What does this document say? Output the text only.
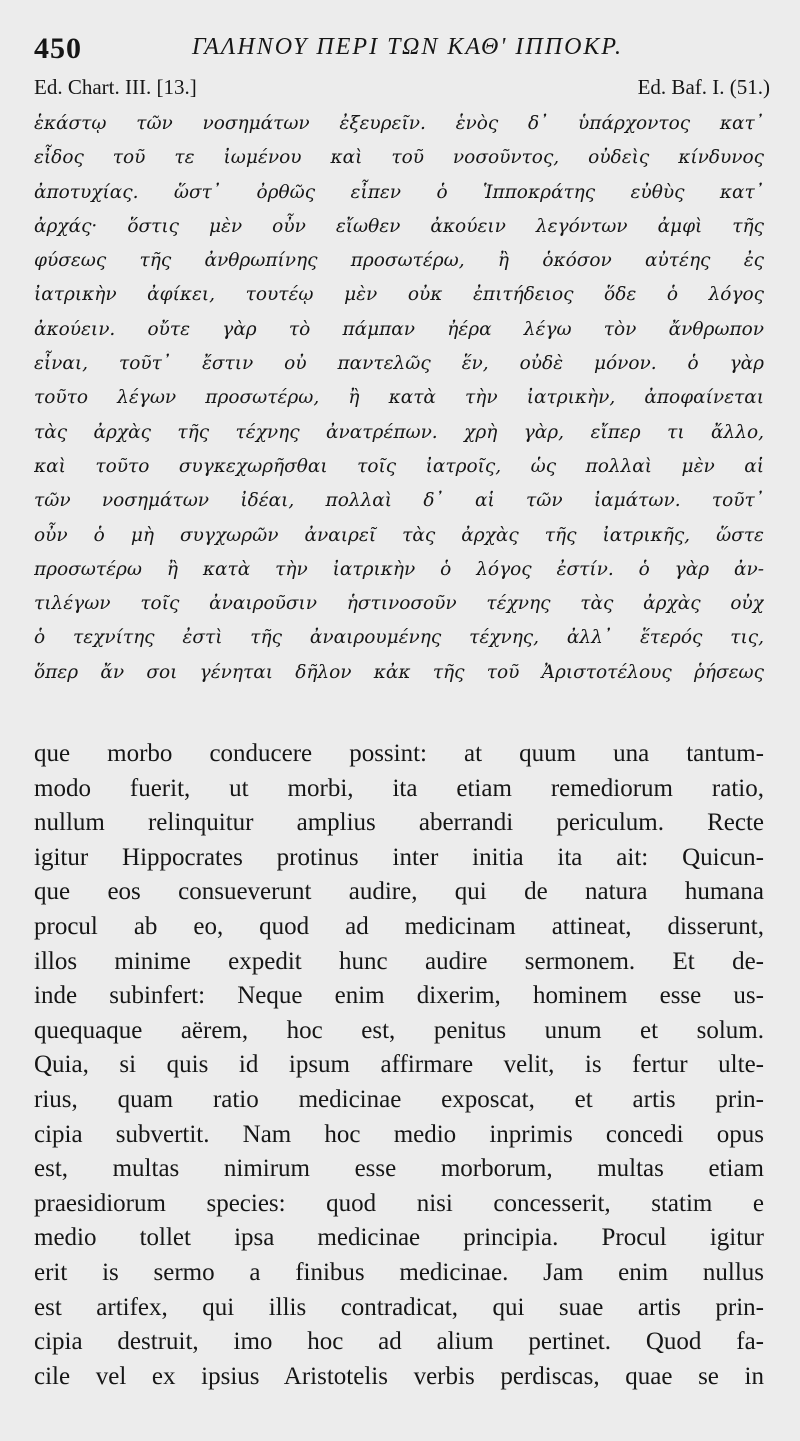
450	ΓΑΛΗΝΟΥ ΠΕΡΙ ΤΩΝ ΚΑΘ' ΙΠΠΟΚΡ.
Ed. Chart. III. [13.]	Ed. Baf. I. (51.)
ἑκάστῳ τῶν νοσημάτων ἐξευρεῖν. ἑνὸς δ᾽ ὑπάρχοντος κατ᾽
εἶδος τοῦ τε ἰωμένου καὶ τοῦ νοσοῦντος, οὐδεὶς κίνδυνος
ἀποτυχίας. ὥστ᾽ ὀρθῶς εἶπεν ὁ Ἱπποκράτης εὐθὺς κατ᾽
ἀρχάς· ὅστις μὲν οὖν εἴωθεν ἀκούειν λεγόντων ἀμφὶ τῆς
φύσεως τῆς ἀνθρωπίνης προσωτέρω, ἢ ὁκόσον αὐτέης ἐς
ἰατρικὴν ἀφίκει, τουτέῳ μὲν οὐκ ἐπιτήδειος ὅδε ὁ λόγος
ἀκούειν. οὔτε γὰρ τὸ πάμπαν ἠέρα λέγω τὸν ἄνθρωπον
εἶναι, τοῦτ᾽ ἔστιν οὐ παντελῶς ἕν, οὐδὲ μόνον. ὁ γὰρ
τοῦτο λέγων προσωτέρω, ἢ κατὰ τὴν ἰατρικὴν, ἀποφαίνεται
τὰς ἀρχὰς τῆς τέχνης ἀνατρέπων. χρὴ γὰρ, εἴπερ τι ἄλλο,
καὶ τοῦτο συγκεχωρῆσθαι τοῖς ἰατροῖς, ὡς πολλαὶ μὲν αἱ
τῶν νοσημάτων ἰδέαι, πολλαὶ δ᾽ αἱ τῶν ἰαμάτων. τοῦτ᾽
οὖν ὁ μὴ συγχωρῶν ἀναιρεῖ τὰς ἀρχὰς τῆς ἰατρικῆς, ὥστε
προσωτέρω ἢ κατὰ τὴν ἰατρικὴν ὁ λόγος ἐστίν. ὁ γὰρ ἀν-
τιλέγων τοῖς ἀναιροῦσιν ἡστινοσοῦν τέχνης τὰς ἀρχὰς οὐχ
ὁ τεχνίτης ἐστὶ τῆς ἀναιρουμένης τέχνης, ἀλλ᾽ ἕτερός τις,
ὅπερ ἄν σοι γένηται δῆλον κἀκ τῆς τοῦ Ἀριστοτέλους ῥήσεως
que morbo conducere possint: at quum una tantum-
modo fuerit, ut morbi, ita etiam remediorum ratio,
nullum relinquitur amplius aberrandi periculum. Recte
igitur Hippocrates protinus inter initia ita ait: Quicun-
que eos consueverunt audire, qui de natura humana
procul ab eo, quod ad medicinam attineat, disserunt,
illos minime expedit hunc audire sermonem. Et de-
inde subinfert: Neque enim dixerim, hominem esse us-
quequaque aërem, hoc est, penitus unum et solum.
Quia, si quis id ipsum affirmare velit, is fertur ulte-
rius, quam ratio medicinae exposcat, et artis prin-
cipia subvertit. Nam hoc medio inprimis concedi opus
est, multas nimirum esse morborum, multas etiam
praesidiorum species: quod nisi concesserit, statim e
medio tollet ipsa medicinae principia. Procul igitur
erit is sermo a finibus medicinae. Jam enim nullus
est artifex, qui illis contradicat, qui suae artis prin-
cipia destruit, imo hoc ad alium pertinet. Quod fa-
cile vel ex ipsius Aristotelis verbis perdiscas, quae se in
